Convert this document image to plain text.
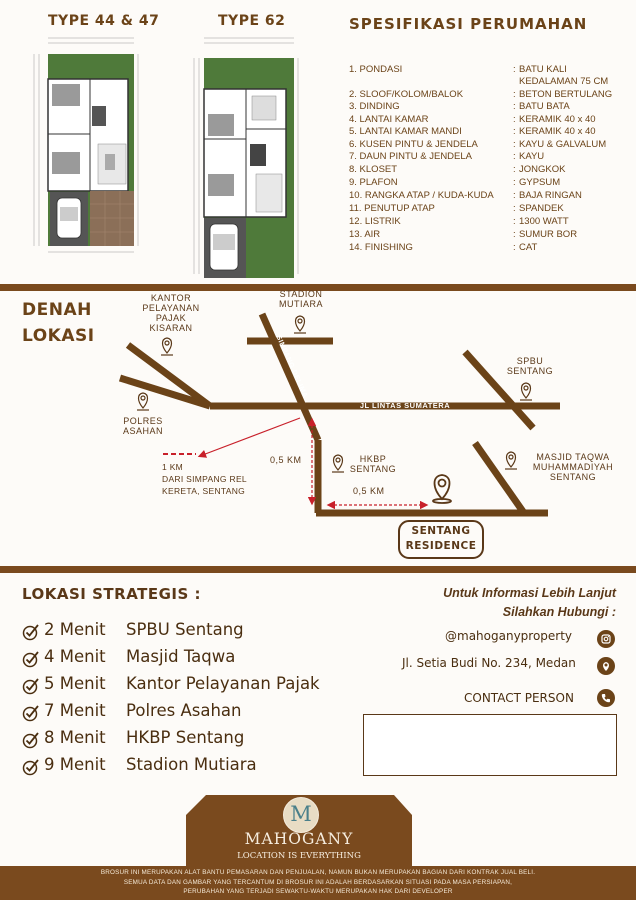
TYPE 44 & 47	TYPE 62	SPESIFIKASI PERUMAHAN
1. PONDASI	: BATU KALI
KEDALAMAN 75 CM
2. SLOOF/KOLOM/BALOK	: BETON BERTULANG
3. DINDING	: BATU BATA
4. LANTAI KAMAR	: KERAMIK 40 x 40
5. LANTAI KAMAR MANDI	: KERAMIK 40 x 40
6. KUSEN PINTU & JENDELA	: KAYU & GALVALUM
7. DAUN PINTU & JENDELA	: KAYU
8. KLOSET	: JONGKOK
9. PLAFON	: GYPSUM
10. RANGKA ATAP / KUDA-KUDA : BAJA RINGAN
11. PENUTUP ATAP	: SPANDEK
12. LISTRIK	: 1300 WATT
13. AIR	: SUMUR BOR
14. FINISHING	: CAT
DENAH
LOKASI
KANTOR
PELAYANAN
PAJAK
KISARAN
STADION
MUTIARA
SPBU
SENTANG
POLRES
ASAHAN
HKBP
SENTANG
MASJID TAQWA
MUHAMMADIYAH
SENTANG
JL LINTAS SUMATERA
SIMPANG DELIMA
1 KM
DARI SIMPANG REL
KERETA, SENTANG
0,5 KM
0,5 KM
SENTANG
RESIDENCE
LOKASI STRATEGIS :
2 Menit SPBU Sentang
4 Menit Masjid Taqwa
5 Menit Kantor Pelayanan Pajak
7 Menit Polres Asahan
8 Menit HKBP Sentang
9 Menit Stadion Mutiara
Untuk Informasi Lebih Lanjut
Silahkan Hubungi :
@mahoganyproperty
Jl. Setia Budi No. 234, Medan
CONTACT PERSON
M
MAHOGANY
LOCATION IS EVERYTHING
BROSUR INI MERUPAKAN ALAT BANTU PEMASARAN DAN PENJUALAN, NAMUN BUKAN MERUPAKAN BAGIAN DARI KONTRAK JUAL BELI.
SEMUA DATA DAN GAMBAR YANG TERCANTUM DI BROSUR INI ADALAH BERDASARKAN SITUASI PADA MASA PERSIAPAN,
PERUBAHAN YANG TERJADI SEWAKTU-WAKTU MERUPAKAN HAK DARI DEVELOPER
